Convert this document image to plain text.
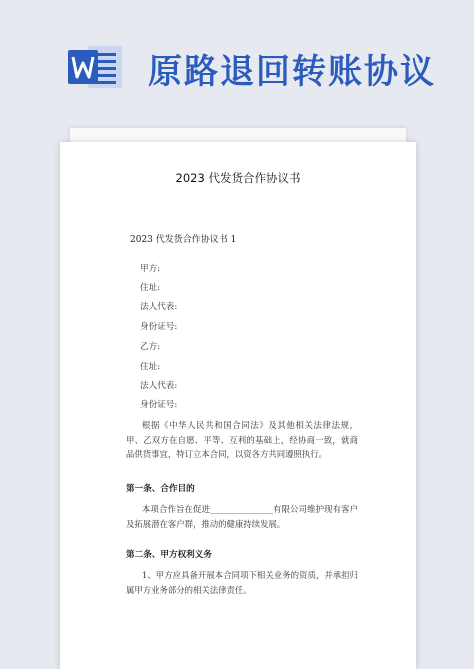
原路退回转账协议
2023 代发货合作协议书
2023 代发货合作协议书 1
甲方:
住址:
法人代表:
身份证号:
乙方:
住址:
法人代表:
身份证号:
根据《中华人民共和国合同法》及其他相关法律法规，甲、乙双方在自愿、平等、互利的基础上，经协商一致，就商品供货事宜，特订立本合同，以资各方共同遵照执行。
第一条、合作目的
本项合作旨在促进_______________有限公司维护现有客户及拓展潜在客户群，推动的健康持续发展。
第二条、甲方权利义务
1、甲方应具备开展本合同项下相关业务的资质，并承担归属甲方业务部分的相关法律责任。
